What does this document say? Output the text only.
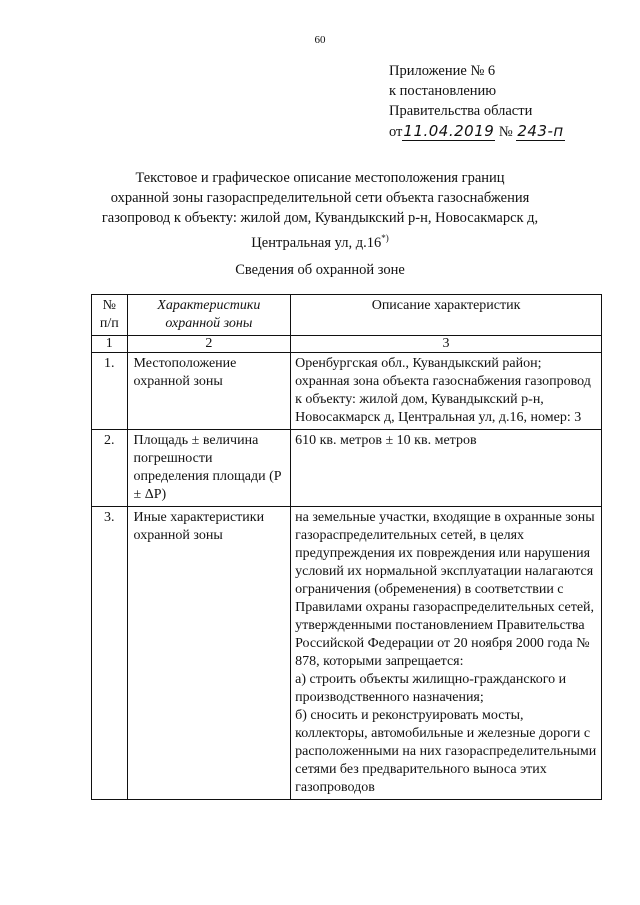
60
Приложение № 6
к постановлению
Правительства области
от11.04.2019 № 243-п
Текстовое и графическое описание местоположения границ
охранной зоны газораспределительной сети объекта газоснабжения
газопровод к объекту: жилой дом, Кувандыкский р-н, Новосакмарск д,
Центральная ул, д.16*)
Сведения об охранной зоне
№ п/п	Характеристики охранной зоны	Описание характеристик
1	2	3
1.	Местоположение охранной зоны	Оренбургская обл., Кувандыкский район; охранная зона объекта газоснабжения газопровод к объекту: жилой дом, Кувандыкский р-н, Новосакмарск д, Центральная ул, д.16, номер: 3
2.	Площадь ± величина погрешности определения площади (P ± ΔP)	610 кв. метров ± 10 кв. метров
3.	Иные характеристики охранной зоны	на земельные участки, входящие в охранные зоны газораспределительных сетей, в целях предупреждения их повреждения или нарушения условий их нормальной эксплуатации налагаются ограничения (обременения) в соответствии с Правилами охраны газораспределительных сетей, утвержденными постановлением Правительства Российской Федерации от 20 ноября 2000 года № 878, которыми запрещается:
а) строить объекты жилищно-гражданского и производственного назначения;
б) сносить и реконструировать мосты, коллекторы, автомобильные и железные дороги с расположенными на них газораспределительными сетями без предварительного выноса этих газопроводов
